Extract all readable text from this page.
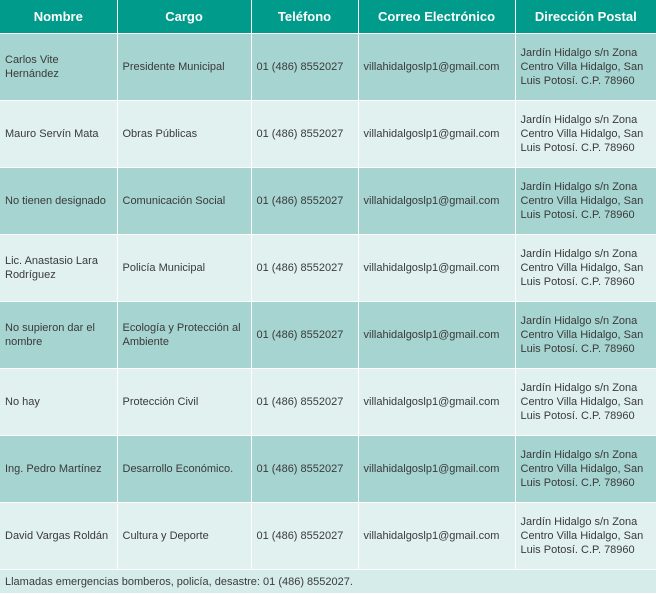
Nombre	Cargo	Teléfono	Correo Electrónico	Dirección Postal
Carlos Vite Hernández	Presidente Municipal	01 (486) 8552027	villahidalgoslp1@gmail.com	Jardín Hidalgo s/n Zona Centro Villa Hidalgo, San Luis Potosí. C.P. 78960
Mauro Servín Mata	Obras Públicas	01 (486) 8552027	villahidalgoslp1@gmail.com	Jardín Hidalgo s/n Zona Centro Villa Hidalgo, San Luis Potosí. C.P. 78960
No tienen designado	Comunicación Social	01 (486) 8552027	villahidalgoslp1@gmail.com	Jardín Hidalgo s/n Zona Centro Villa Hidalgo, San Luis Potosí. C.P. 78960
Lic. Anastasio Lara Rodríguez	Policía Municipal	01 (486) 8552027	villahidalgoslp1@gmail.com	Jardín Hidalgo s/n Zona Centro Villa Hidalgo, San Luis Potosí. C.P. 78960
No supieron dar el nombre	Ecología y Protección al Ambiente	01 (486) 8552027	villahidalgoslp1@gmail.com	Jardín Hidalgo s/n Zona Centro Villa Hidalgo, San Luis Potosí. C.P. 78960
No hay	Protección Civil	01 (486) 8552027	villahidalgoslp1@gmail.com	Jardín Hidalgo s/n Zona Centro Villa Hidalgo, San Luis Potosí. C.P. 78960
Ing. Pedro Martínez	Desarrollo Económico.	01 (486) 8552027	villahidalgoslp1@gmail.com	Jardín Hidalgo s/n Zona Centro Villa Hidalgo, San Luis Potosí. C.P. 78960
David Vargas Roldán	Cultura y Deporte	01 (486) 8552027	villahidalgoslp1@gmail.com	Jardín Hidalgo s/n Zona Centro Villa Hidalgo, San Luis Potosí. C.P. 78960
Llamadas emergencias bomberos, policía, desastre: 01 (486) 8552027.				
